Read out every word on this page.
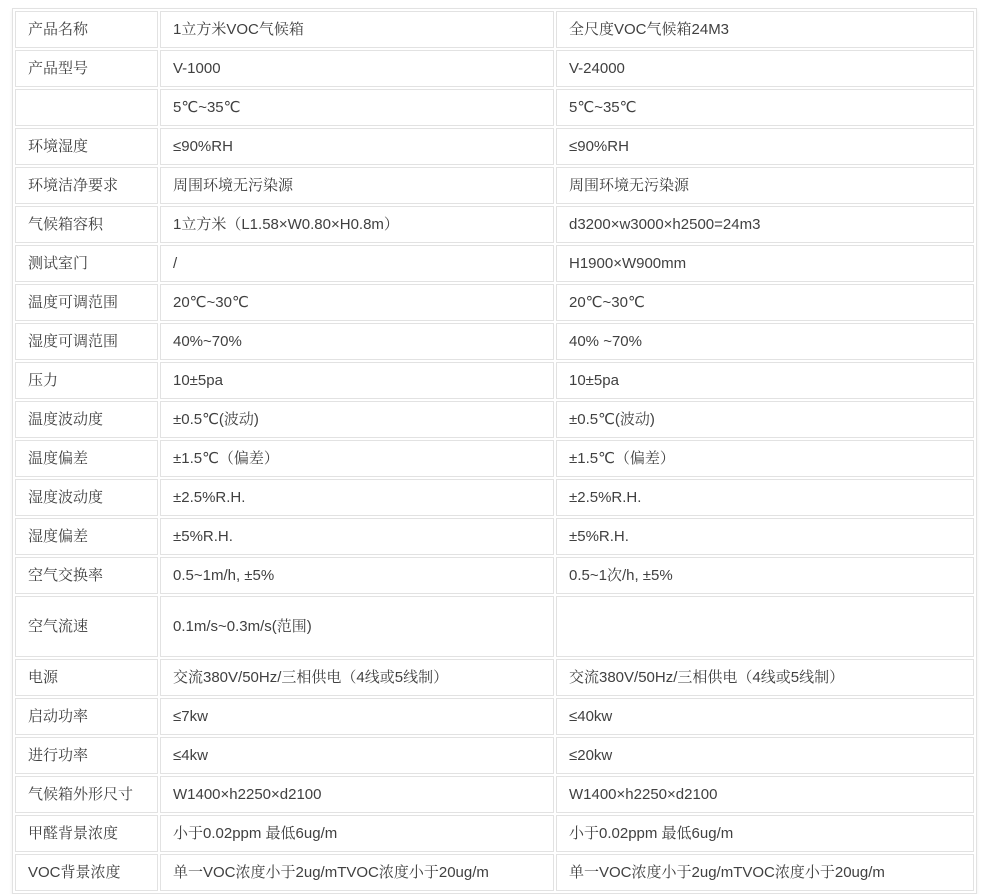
产品名称	1立方米VOC气候箱	全尺度VOC气候箱24M3
产品型号	V-1000	V-24000
	5℃~35℃	5℃~35℃
环境湿度	≤90%RH	≤90%RH
环境洁净要求	周围环境无污染源	周围环境无污染源
气候箱容积	1立方米（L1.58×W0.80×H0.8m）	d3200×w3000×h2500=24m3
测试室门	/	H1900×W900mm
温度可调范围	20℃~30℃	20℃~30℃
湿度可调范围	40%~70%	40% ~70%
压力	10±5pa	10±5pa
温度波动度	±0.5℃(波动)	±0.5℃(波动)
温度偏差	±1.5℃（偏差）	±1.5℃（偏差）
湿度波动度	±2.5%R.H.	±2.5%R.H.
湿度偏差	±5%R.H.	±5%R.H.
空气交换率	0.5~1m/h, ±5%	0.5~1次/h, ±5%
空气流速	0.1m/s~0.3m/s(范围)	
电源	交流380V/50Hz/三相供电（4线或5线制）	交流380V/50Hz/三相供电（4线或5线制）
启动功率	≤7kw	≤40kw
进行功率	≤4kw	≤20kw
气候箱外形尺寸	W1400×h2250×d2100	W1400×h2250×d2100
甲醛背景浓度	小于0.02ppm 最低6ug/m	小于0.02ppm 最低6ug/m
VOC背景浓度	单一VOC浓度小于2ug/mTVOC浓度小于20ug/m	单一VOC浓度小于2ug/mTVOC浓度小于20ug/m
